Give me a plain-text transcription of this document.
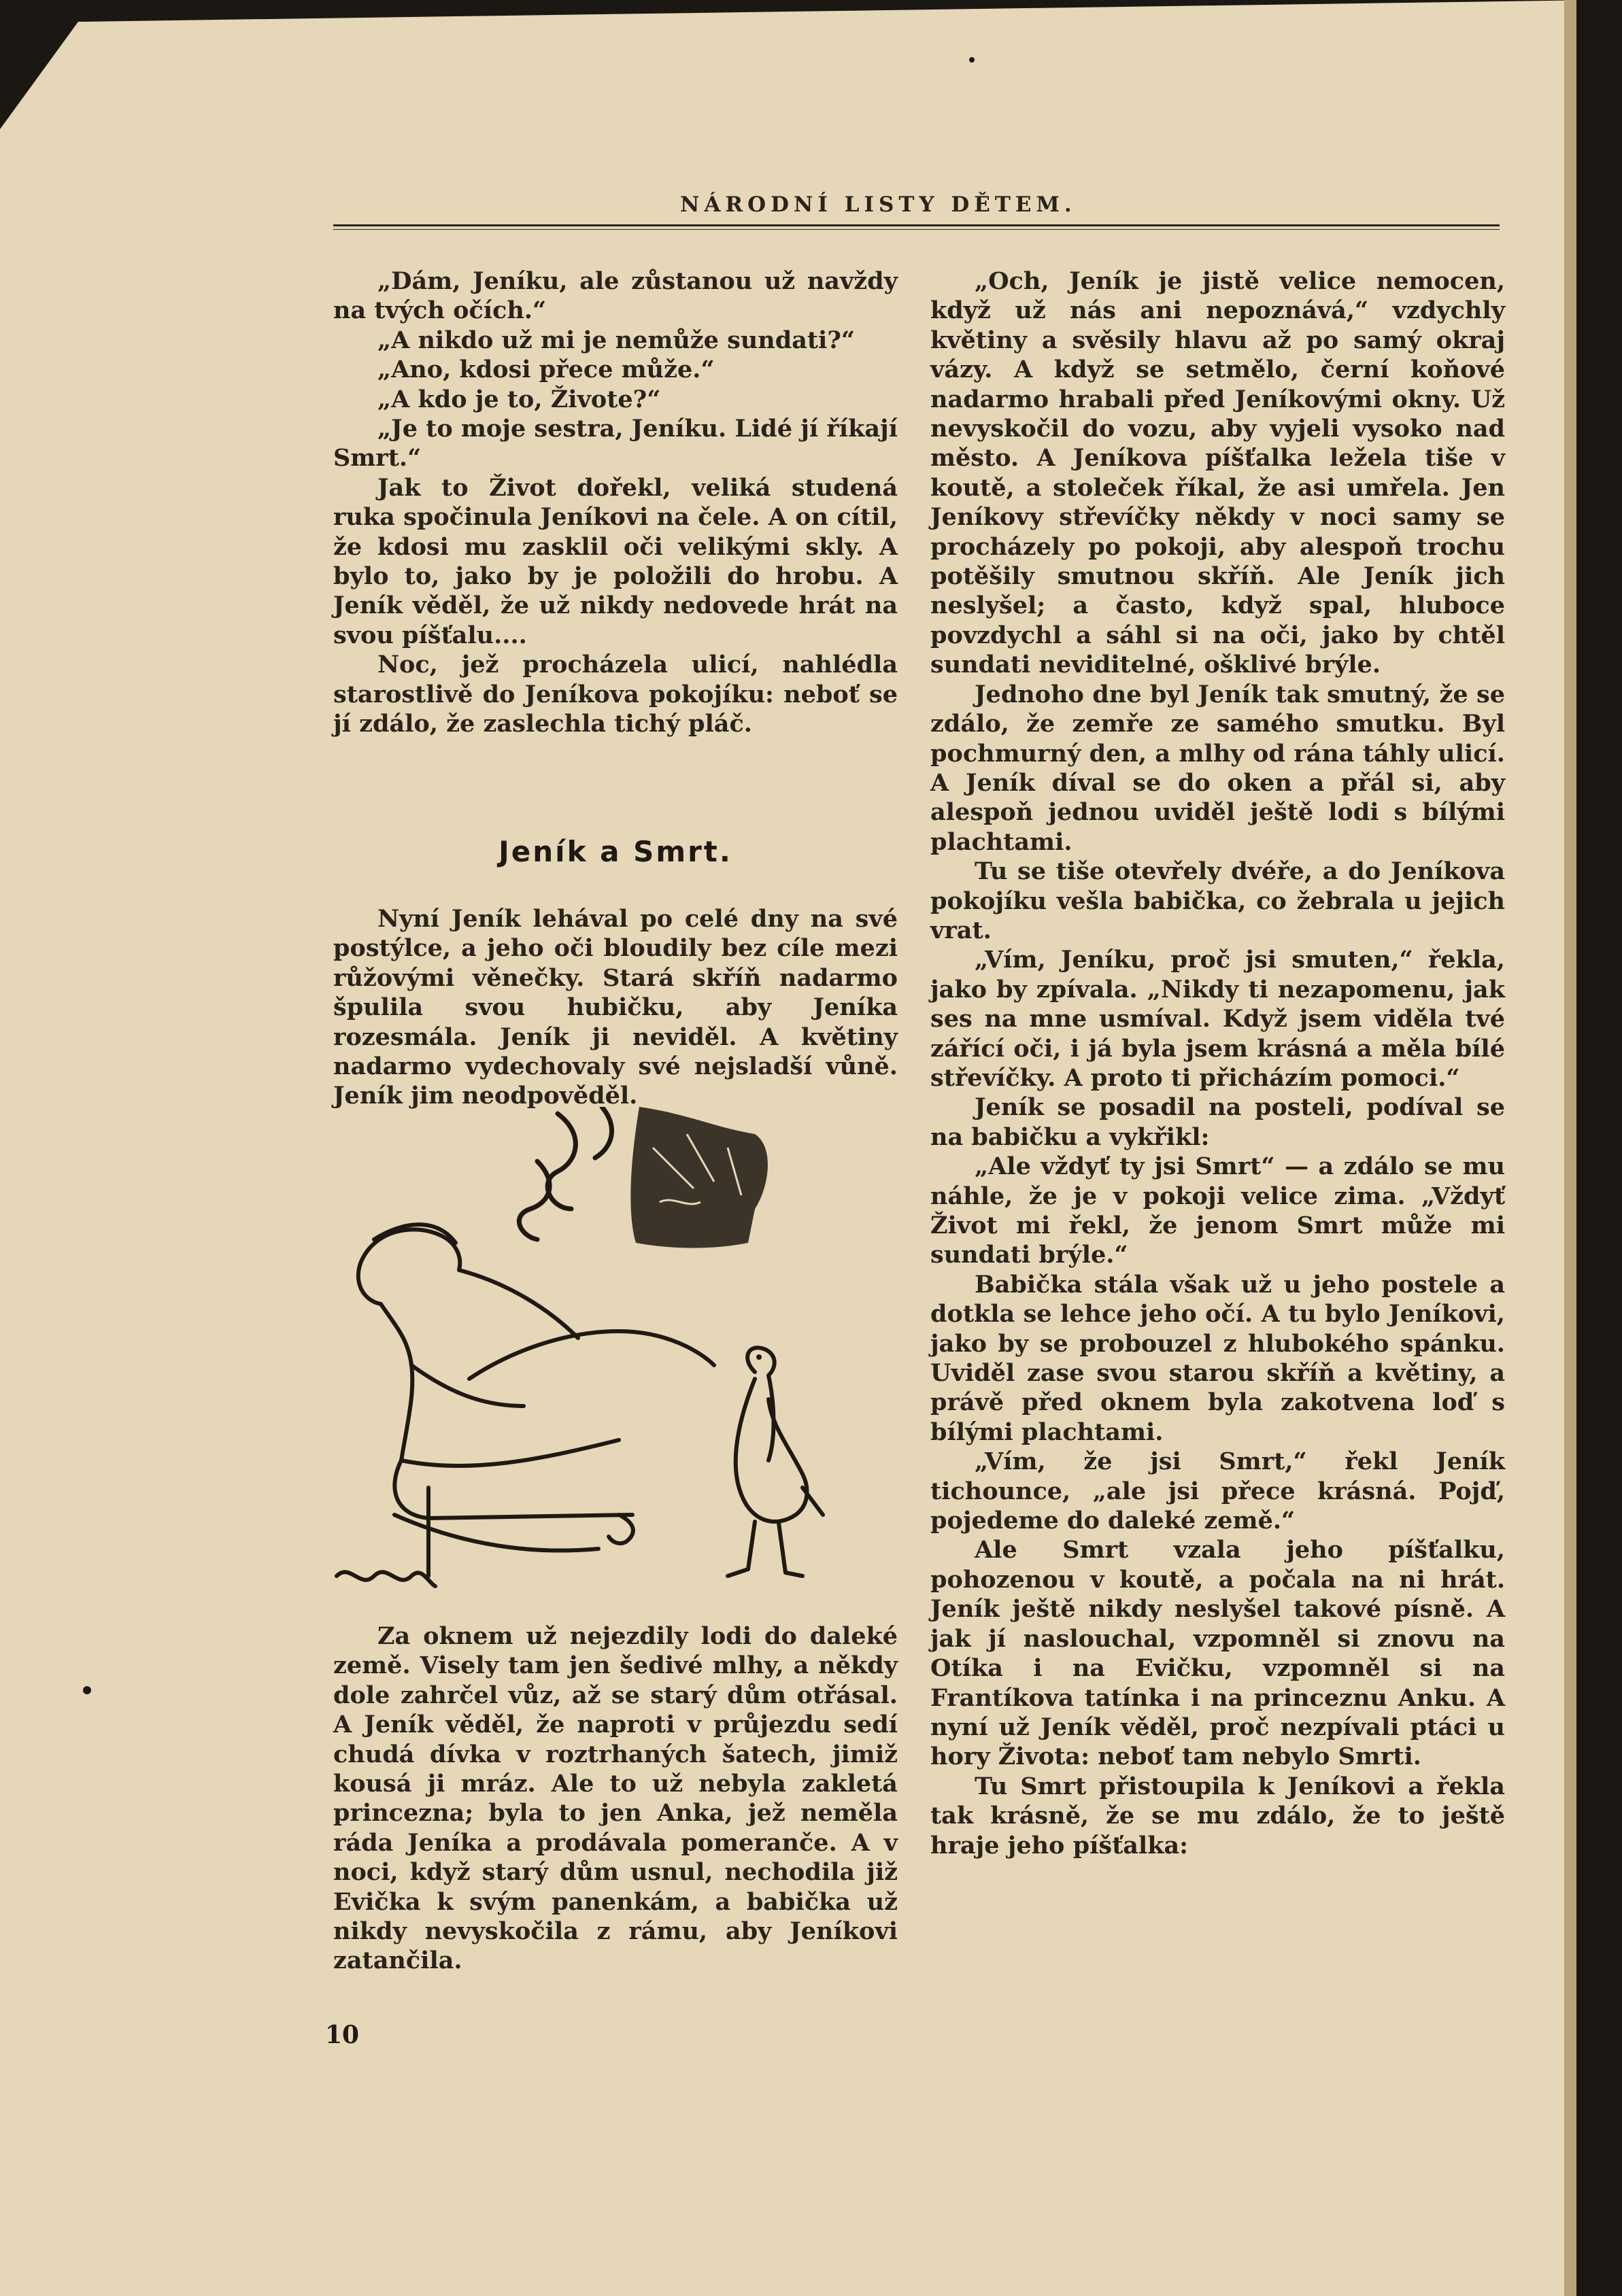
NÁRODNÍ LISTY DĚTEM.

„Dám, Jeníku, ale zůstanou už navždy na tvých očích.“

„A nikdo už mi je nemůže sundati?“

„Ano, kdosi přece může.“

„A kdo je to, Živote?“

„Je to moje sestra, Jeníku. Lidé jí říkají Smrt.“

Jak to Život dořekl, veliká studená ruka spočinula Jeníkovi na čele. A on cítil, že kdosi mu zasklil oči velikými skly. A bylo to, jako by je položili do hrobu. A Jeník věděl, že už nikdy nedovede hrát na svou píšťalu....

Noc, jež procházela ulicí, nahlédla starostlivě do Jeníkova pokojíku: neboť se jí zdálo, že zaslechla tichý pláč.

Jeník a Smrt.

Nyní Jeník lehával po celé dny na své postýlce, a jeho oči bloudily bez cíle mezi růžovými věnečky. Stará skříň nadarmo špulila svou hubičku, aby Jeníka rozesmála. Jeník ji neviděl. A květiny nadarmo vydechovaly své nejsladší vůně. Jeník jim neodpověděl.

Za oknem už nejezdily lodi do daleké země. Visely tam jen šedivé mlhy, a někdy dole zahrčel vůz, až se starý dům otřásal. A Jeník věděl, že naproti v průjezdu sedí chudá dívka v roztrhaných šatech, jimiž kousá ji mráz. Ale to už nebyla zakletá princezna; byla to jen Anka, jež neměla ráda Jeníka a prodávala pomeranče. A v noci, když starý dům usnul, nechodila již Evička k svým panenkám, a babička už nikdy nevyskočila z rámu, aby Jeníkovi zatančila.

10

„Och, Jeník je jistě velice nemocen, když už nás ani nepoznává,“ vzdychly květiny a svěsily hlavu až po samý okraj vázy. A když se setmělo, černí koňové nadarmo hrabali před Jeníkovými okny. Už nevyskočil do vozu, aby vyjeli vysoko nad město. A Jeníkova píšťalka ležela tiše v koutě, a stoleček říkal, že asi umřela. Jen Jeníkovy střevíčky někdy v noci samy se procházely po pokoji, aby alespoň trochu potěšily smutnou skříň. Ale Jeník jich neslyšel; a často, když spal, hluboce povzdychl a sáhl si na oči, jako by chtěl sundati neviditelné, ošklivé brýle.

Jednoho dne byl Jeník tak smutný, že se zdálo, že zemře ze samého smutku. Byl pochmurný den, a mlhy od rána táhly ulicí. A Jeník díval se do oken a přál si, aby alespoň jednou uviděl ještě lodi s bílými plachtami.

Tu se tiše otevřely dvéře, a do Jeníkova pokojíku vešla babička, co žebrala u jejich vrat.

„Vím, Jeníku, proč jsi smuten,“ řekla, jako by zpívala. „Nikdy ti nezapomenu, jak ses na mne usmíval. Když jsem viděla tvé zářící oči, i já byla jsem krásná a měla bílé střevíčky. A proto ti přicházím pomoci.“

Jeník se posadil na posteli, podíval se na babičku a vykřikl:

„Ale vždyť ty jsi Smrt“ — a zdálo se mu náhle, že je v pokoji velice zima. „Vždyť Život mi řekl, že jenom Smrt může mi sundati brýle.“

Babička stála však už u jeho postele a dotkla se lehce jeho očí. A tu bylo Jeníkovi, jako by se probouzel z hlubokého spánku. Uviděl zase svou starou skříň a květiny, a právě před oknem byla zakotvena loď s bílými plachtami.

„Vím, že jsi Smrt,“ řekl Jeník tichounce, „ale jsi přece krásná. Pojď, pojedeme do daleké země.“

Ale Smrt vzala jeho píšťalku, pohozenou v koutě, a počala na ni hrát. Jeník ještě nikdy neslyšel takové písně. A jak jí naslouchal, vzpomněl si znovu na Otíka i na Evičku, vzpomněl si na Frantíkova tatínka i na princeznu Anku. A nyní už Jeník věděl, proč nezpívali ptáci u hory Života: neboť tam nebylo Smrti.

Tu Smrt přistoupila k Jeníkovi a řekla tak krásně, že se mu zdálo, že to ještě hraje jeho píšťalka:
